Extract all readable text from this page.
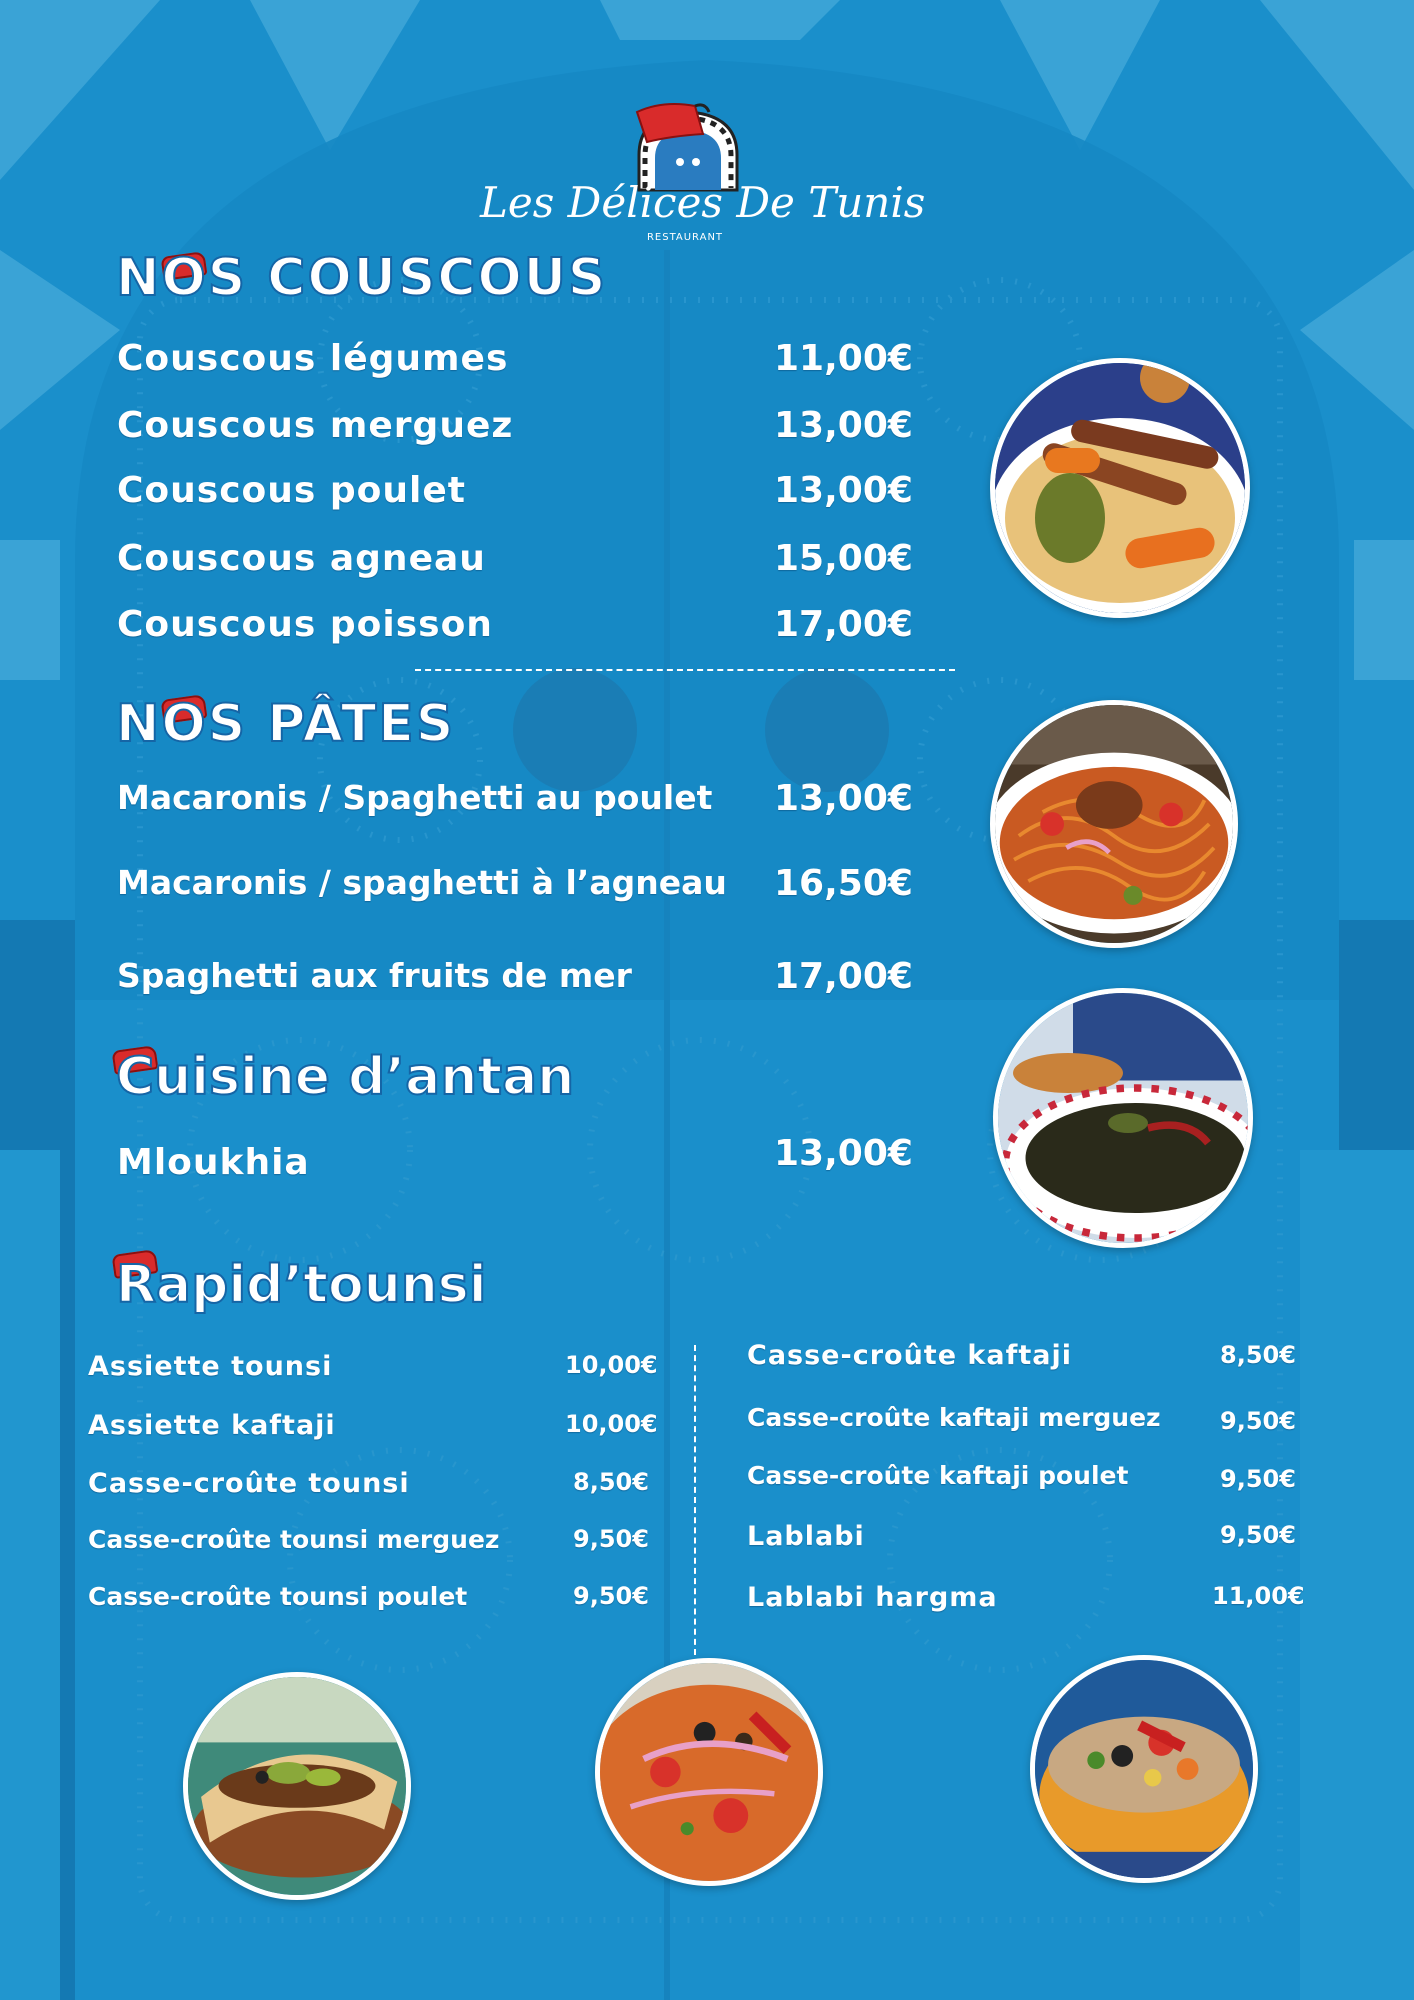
Les Délices De Tunis
RESTAURANT
NOS COUSCOUS
Couscous légumes	11,00€
Couscous merguez	13,00€
Couscous poulet	13,00€
Couscous agneau	15,00€
Couscous poisson	17,00€
NOS PÂTES
Macaronis / Spaghetti au poulet 13,00€
Macaronis / spaghetti à l’agneau 16,50€
Spaghetti aux fruits de mer	17,00€
Cuisine d’antan
Mloukhia	13,00€
Rapid’tounsi
Assiette tounsi	10,00€
Assiette kaftaji	10,00€
Casse-croûte tounsi	8,50€
Casse-croûte tounsi merguez	9,50€
Casse-croûte tounsi poulet	9,50€
Casse-croûte kaftaji	8,50€
Casse-croûte kaftaji merguez 9,50€
Casse-croûte kaftaji poulet	9,50€
Lablabi	9,50€
Lablabi hargma	11,00€
